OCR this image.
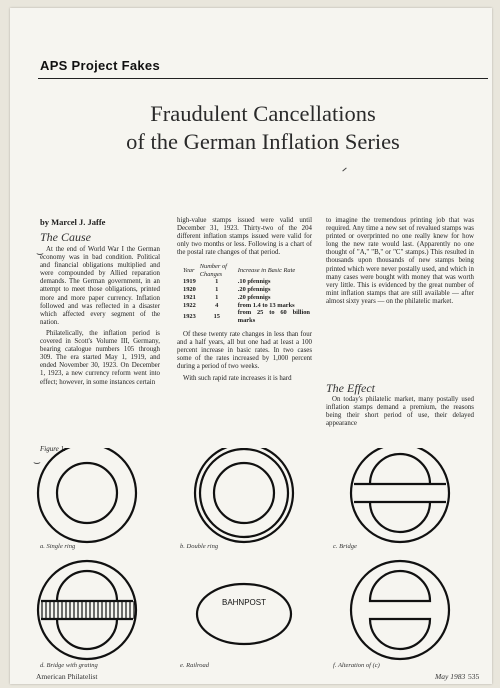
APS Project Fakes
Fraudulent Cancellations
of the German Inflation Series
by Marcel J. Jaffe
The Cause
⌣ At the end of World War I the German economy was in bad condition. Political and financial obligations multiplied and were compounded by Allied reparation demands. The German government, in an attempt to meet those obligations, printed more and more paper currency. Inflation followed and was reflected in a disaster which affected every segment of the nation.

Philatelically, the inflation period is covered in Scott's Volume III, Germany, bearing catalogue numbers 105 through 309. The era started May 1, 1919, and ended November 30, 1923. On December 1, 1923, a new currency reform went into effect; however, in some instances certain

high-value stamps issued were valid until December 31, 1923. Thirty-two of the 204 different inflation stamps issued were valid for only two months or less. Following is a chart of the postal rate changes of that period.

Year	Number of Changes	Increase in Basic Rate
1919	1	.10 pfennigs
1920	1	.20 pfennigs
1921	1	.20 pfennigs
1922	4	from 1.4 to 13 marks
1923	15	from 25 to 60 billion marks

Of these twenty rate changes in less than four and a half years, all but one had at least a 100 percent increase in basic rates. In two cases some of the rates increased by 1,000 percent during a period of two weeks.

With such rapid rate increases it is hard

to imagine the tremendous printing job that was required. Any time a new set of revalued stamps was printed or overprinted no one really knew for how long the new rate would last. (Apparently no one thought of "A," "B," or "C" stamps.) This resulted in thousands upon thousands of new stamps being printed which were never postally used, and which in many cases were bought with money that was worth very little. This is evidenced by the great number of mint inflation stamps that are still available — after almost sixty years — on the philatelic market.

The Effect

On today's philatelic market, many postally used inflation stamps demand a premium, the reasons being their short period of use, their delayed appearance

Figure 1.
⌣
BAHNPOST
a. Single ring	b. Double ring	c. Bridge
d. Bridge with grating	e. Railroad	f. Alteration of (c)
American Philatelist	May 1983 535
